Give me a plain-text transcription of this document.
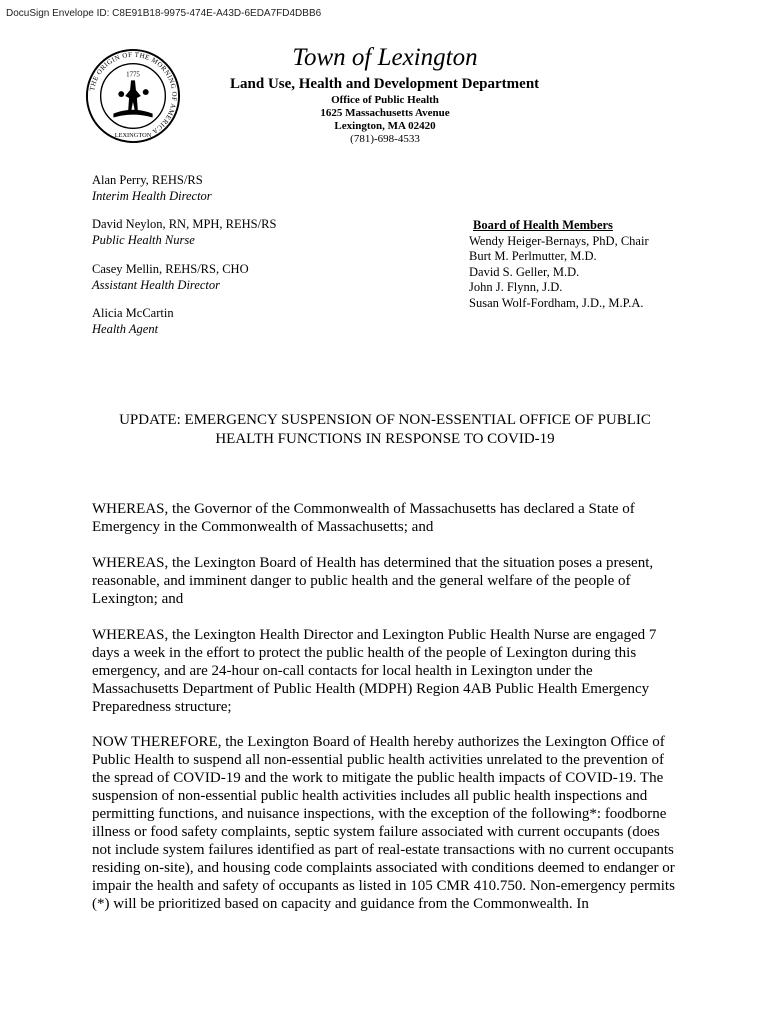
DocuSign Envelope ID: C8E91B18-9975-474E-A43D-6EDA7FD4DBB6
THE ORIGIN OF THE MORNING OF AMERICA
1775
LEXINGTON
Town of Lexington
Land Use, Health and Development Department
Office of Public Health
1625 Massachusetts Avenue
Lexington, MA 02420
(781)-698-4533
Alan Perry, REHS/RS
Interim Health Director
David Neylon, RN, MPH, REHS/RS
Public Health Nurse
Casey Mellin, REHS/RS, CHO
Assistant Health Director
Alicia McCartin
Health Agent
Board of Health Members
Wendy Heiger-Bernays, PhD, Chair
Burt M. Perlmutter, M.D.
David S. Geller, M.D.
John J. Flynn, J.D.
Susan Wolf-Fordham, J.D., M.P.A.
UPDATE: EMERGENCY SUSPENSION OF NON-ESSENTIAL OFFICE OF PUBLIC
HEALTH FUNCTIONS IN RESPONSE TO COVID-19

WHEREAS, the Governor of the Commonwealth of Massachusetts has declared a State of Emergency in the Commonwealth of Massachusetts; and

WHEREAS, the Lexington Board of Health has determined that the situation poses a present, reasonable, and imminent danger to public health and the general welfare of the people of Lexington; and

WHEREAS, the Lexington Health Director and Lexington Public Health Nurse are engaged 7 days a week in the effort to protect the public health of the people of Lexington during this emergency, and are 24-hour on-call contacts for local health in Lexington under the Massachusetts Department of Public Health (MDPH) Region 4AB Public Health Emergency Preparedness structure;

NOW THEREFORE, the Lexington Board of Health hereby authorizes the Lexington Office of Public Health to suspend all non-essential public health activities unrelated to the prevention of the spread of COVID-19 and the work to mitigate the public health impacts of COVID-19. The suspension of non-essential public health activities includes all public health inspections and permitting functions, and nuisance inspections, with the exception of the following*: foodborne illness or food safety complaints, septic system failure associated with current occupants (does not include system failures identified as part of real-estate transactions with no current occupants residing on-site), and housing code complaints associated with conditions deemed to endanger or impair the health and safety of occupants as listed in 105 CMR 410.750. Non-emergency permits (*) will be prioritized based on capacity and guidance from the Commonwealth. In
